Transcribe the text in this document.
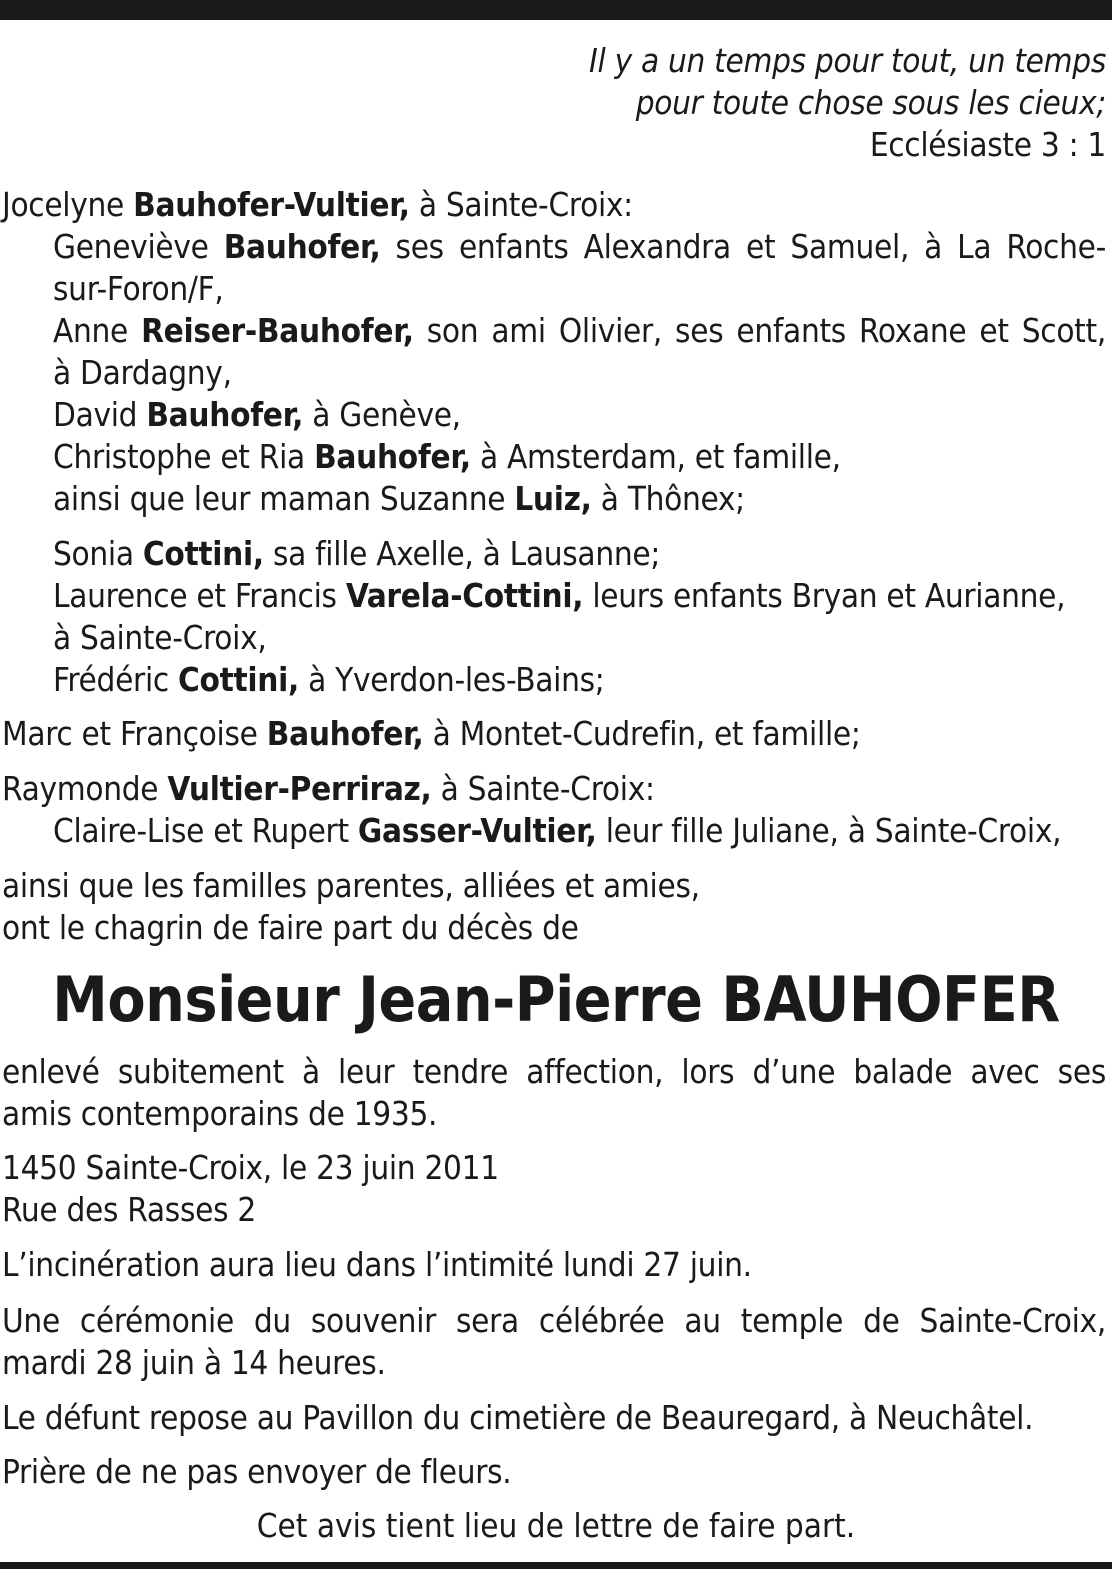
Il y a un temps pour tout, un temps

pour toute chose sous les cieux;

Ecclésiaste 3 : 1

Jocelyne Bauhofer-Vultier, à Sainte-Croix:

Geneviève Bauhofer, ses enfants Alexandra et Samuel, à La Roche-

sur-Foron/F,

Anne Reiser-Bauhofer, son ami Olivier, ses enfants Roxane et Scott,

à Dardagny,

David Bauhofer, à Genève,

Christophe et Ria Bauhofer, à Amsterdam, et famille,

ainsi que leur maman Suzanne Luiz, à Thônex;

Sonia Cottini, sa fille Axelle, à Lausanne;

Laurence et Francis Varela-Cottini, leurs enfants Bryan et Aurianne,

à Sainte-Croix,

Frédéric Cottini, à Yverdon-les-Bains;

Marc et Françoise Bauhofer, à Montet-Cudrefin, et famille;

Raymonde Vultier-Perriraz, à Sainte-Croix:

Claire-Lise et Rupert Gasser-Vultier, leur fille Juliane, à Sainte-Croix,

ainsi que les familles parentes, alliées et amies,

ont le chagrin de faire part du décès de

Monsieur Jean-Pierre BAUHOFER

enlevé subitement à leur tendre affection, lors d’une balade avec ses

amis contemporains de 1935.

1450 Sainte-Croix, le 23 juin 2011

Rue des Rasses 2

L’incinération aura lieu dans l’intimité lundi 27 juin.

Une cérémonie du souvenir sera célébrée au temple de Sainte-Croix,

mardi 28 juin à 14 heures.

Le défunt repose au Pavillon du cimetière de Beauregard, à Neuchâtel.

Prière de ne pas envoyer de fleurs.

Cet avis tient lieu de lettre de faire part.
